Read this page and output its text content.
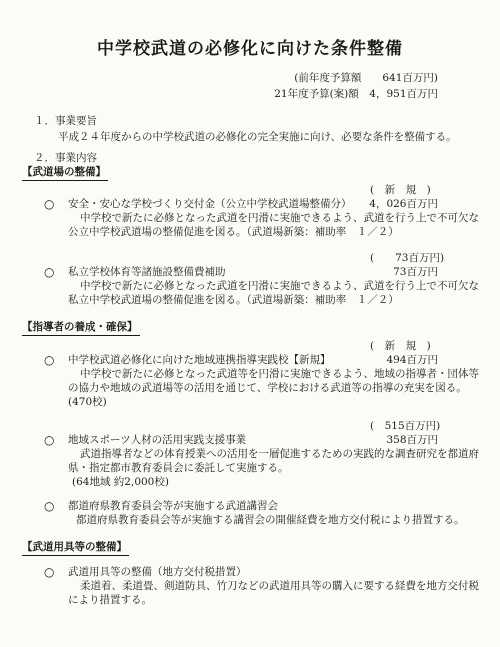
中学校武道の必修化に向けた条件整備
(前年度予算額　　641百万円)
21年度予算(案)額　4，951百万円
１．事業要旨
平成２４年度からの中学校武道の必修化の完全実施に向け、必要な条件を整備する。
２．事業内容
【武道場の整備】
(　新　規　)
○ 安全・安心な学校づくり交付金（公立中学校武道場整備分） 4，026百万円
中学校で新たに必修となった武道を円滑に実施できるよう、武道を行う上で不可欠な
公立中学校武道場の整備促進を図る。（武道場新築：補助率　１／２）
(　　73百万円)
○ 私立学校体育等諸施設整備費補助	73百万円
中学校で新たに必修となった武道を円滑に実施できるよう、武道を行う上で不可欠な
私立中学校武道場の整備促進を図る。（武道場新築：補助率　１／２）
【指導者の養成・確保】
(　新　規　)
○ 中学校武道必修化に向けた地域連携指導実践校【新規】	494百万円
中学校で新たに必修となった武道等を円滑に実施できるよう、地域の指導者・団体等
の協力や地域の武道場等の活用を通じて、学校における武道等の指導の充実を図る。
(470校)
(　515百万円)
○ 地域スポーツ人材の活用実践支援事業	358百万円
武道指導者などの体育授業への活用を一層促進するための実践的な調査研究を都道府
県・指定都市教育委員会に委託して実施する。
(64地域 約2,000校)
○ 都道府県教育委員会等が実施する武道講習会
都道府県教育委員会等が実施する講習会の開催経費を地方交付税により措置する。
【武道用具等の整備】
○ 武道用具等の整備（地方交付税措置）
柔道着、柔道畳、剣道防具、竹刀などの武道用具等の購入に要する経費を地方交付税
により措置する。
